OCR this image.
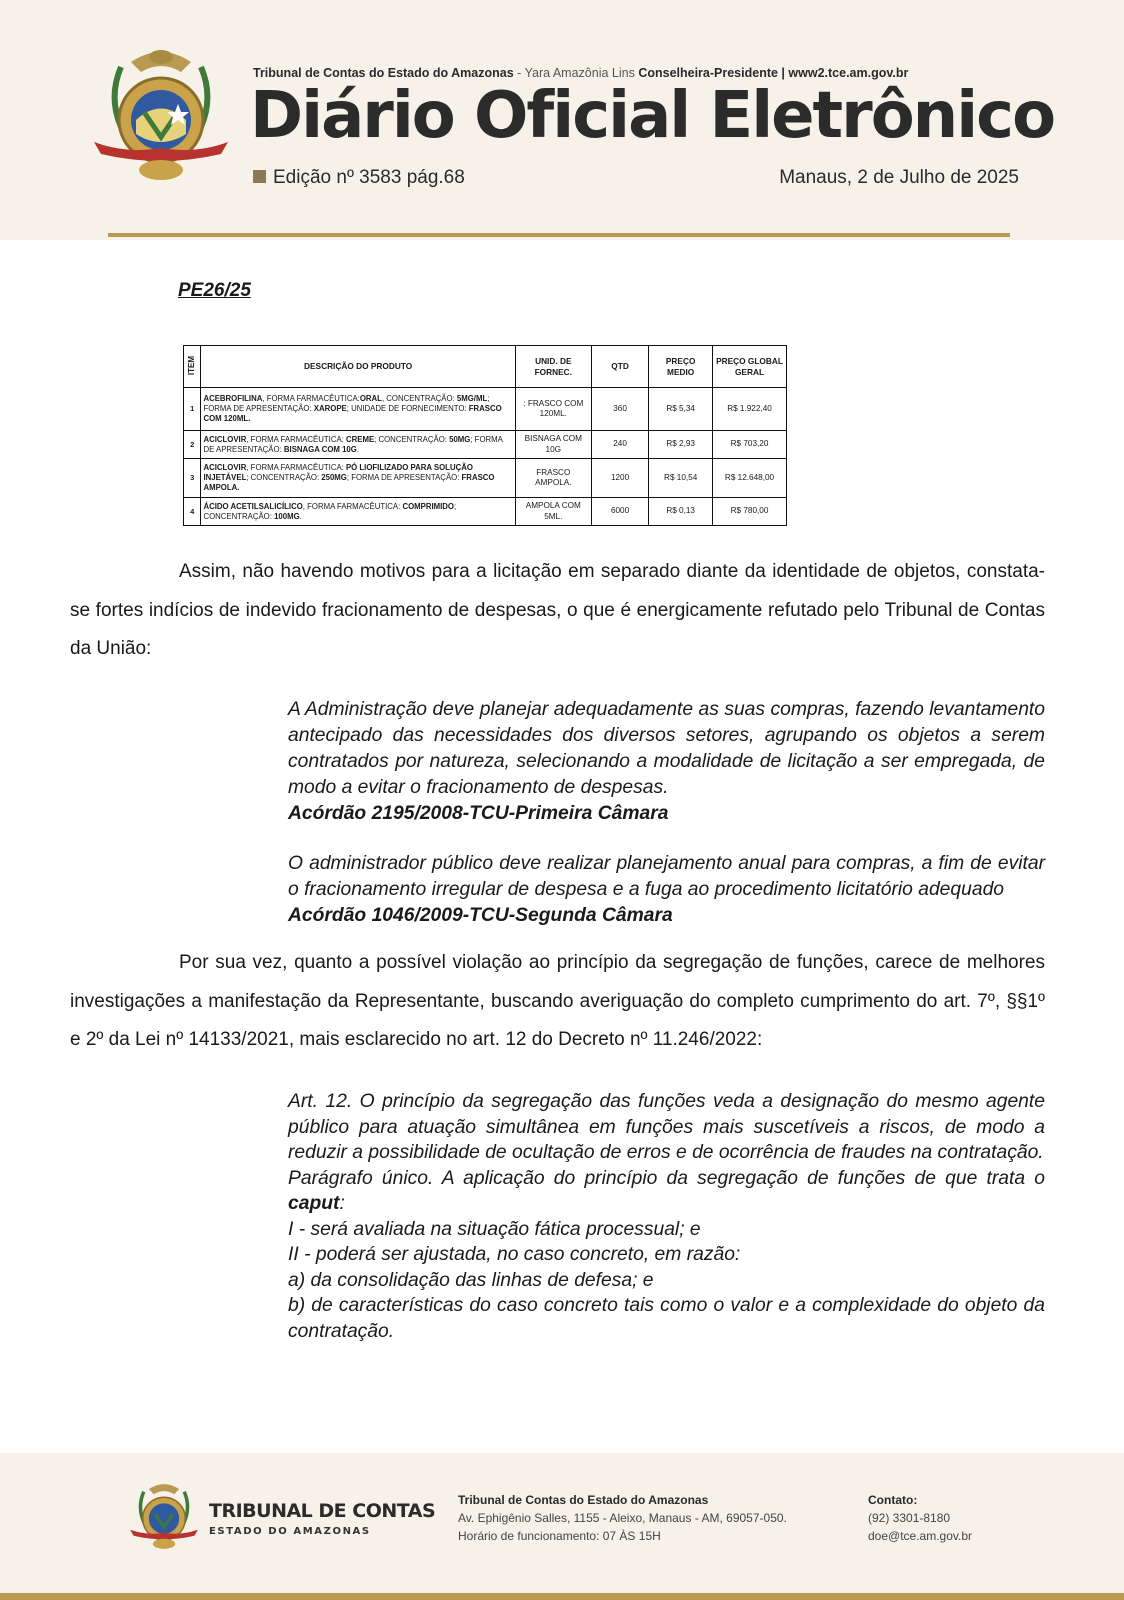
Tribunal de Contas do Estado do Amazonas - Yara Amazônia Lins Conselheira-Presidente | www2.tce.am.gov.br
Diário Oficial Eletrônico
Edição nº 3583 pág.68	Manaus, 2 de Julho de 2025
PE26/25
ITEM	DESCRIÇÃO DO PRODUTO	UNID. DE FORNEC.	QTD	PREÇO MEDIO	PREÇO GLOBAL GERAL
1	ACEBROFILINA, FORMA FARMACÊUTICA:ORAL, CONCENTRAÇÃO: 5MG/ML; FORMA DE APRESENTAÇÃO: XAROPE; UNIDADE DE FORNECIMENTO: FRASCO COM 120ML.	: FRASCO COM 120ML.	360	R$ 5,34	R$ 1.922,40
2	ACICLOVIR, FORMA FARMACÊUTICA: CREME; CONCENTRAÇÃO: 50MG; FORMA DE APRESENTAÇÃO: BISNAGA COM 10G.	BISNAGA COM 10G	240	R$ 2,93	R$ 703,20
3	ACICLOVIR, FORMA FARMACÊUTICA: PÓ LIOFILIZADO PARA SOLUÇÃO INJETÁVEL; CONCENTRAÇÃO: 250MG; FORMA DE APRESENTAÇÃO: FRASCO AMPOLA.	FRASCO AMPOLA.	1200	R$ 10,54	R$ 12.648,00
4	ÁCIDO ACETILSALICÍLICO, FORMA FARMACÊUTICA: COMPRIMIDO; CONCENTRAÇÃO: 100MG.	AMPOLA COM 5ML.	6000	R$ 0,13	R$ 780,00
Assim, não havendo motivos para a licitação em separado diante da identidade de objetos, constata-se fortes indícios de indevido fracionamento de despesas, o que é energicamente refutado pelo Tribunal de Contas da União:
A Administração deve planejar adequadamente as suas compras, fazendo levantamento antecipado das necessidades dos diversos setores, agrupando os objetos a serem contratados por natureza, selecionando a modalidade de licitação a ser empregada, de modo a evitar o fracionamento de despesas.
Acórdão 2195/2008-TCU-Primeira Câmara
O administrador público deve realizar planejamento anual para compras, a fim de evitar o fracionamento irregular de despesa e a fuga ao procedimento licitatório adequado
Acórdão 1046/2009-TCU-Segunda Câmara
Por sua vez, quanto a possível violação ao princípio da segregação de funções, carece de melhores investigações a manifestação da Representante, buscando averiguação do completo cumprimento do art. 7º, §§1º e 2º da Lei nº 14133/2021, mais esclarecido no art. 12 do Decreto nº 11.246/2022:
Art. 12. O princípio da segregação das funções veda a designação do mesmo agente público para atuação simultânea em funções mais suscetíveis a riscos, de modo a reduzir a possibilidade de ocultação de erros e de ocorrência de fraudes na contratação.
Parágrafo único. A aplicação do princípio da segregação de funções de que trata o caput:
I - será avaliada na situação fática processual; e
II - poderá ser ajustada, no caso concreto, em razão:
a) da consolidação das linhas de defesa; e
b) de características do caso concreto tais como o valor e a complexidade do objeto da contratação.
TRIBUNAL DE CONTAS
ESTADO DO AMAZONAS
Tribunal de Contas do Estado do Amazonas
Av. Ephigênio Salles, 1155 - Aleixo, Manaus - AM, 69057-050.
Horário de funcionamento: 07 ÀS 15H
Contato:
(92) 3301-8180
doe@tce.am.gov.br
